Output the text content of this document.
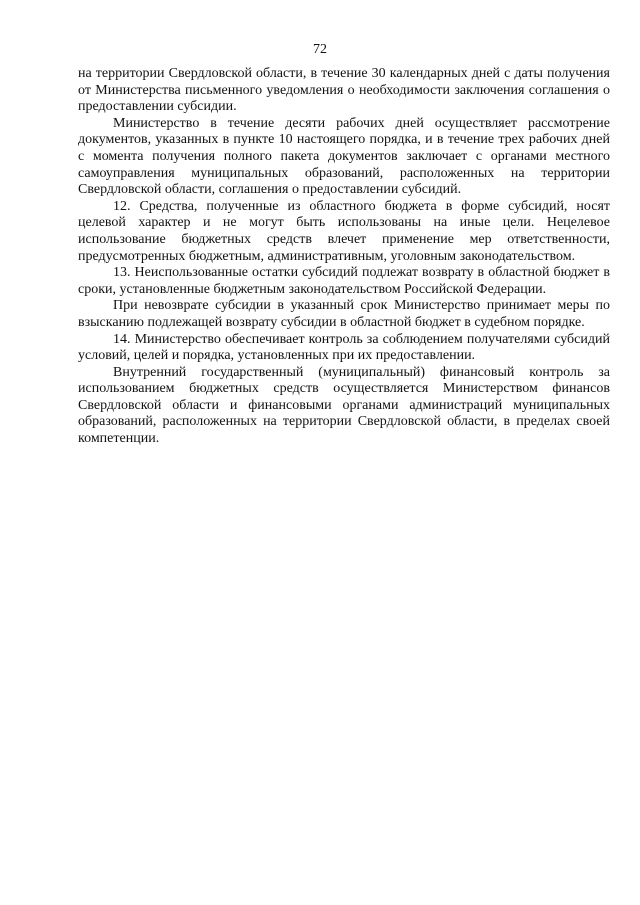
72

на территории Свердловской области, в течение 30 календарных дней с даты получения от Министерства письменного уведомления о необходимости заключения соглашения о предоставлении субсидии.

Министерство в течение десяти рабочих дней осуществляет рассмотрение документов, указанных в пункте 10 настоящего порядка, и в течение трех рабочих дней с момента получения полного пакета документов заключает с органами местного самоуправления муниципальных образований, расположенных на территории Свердловской области, соглашения о предоставлении субсидий.

12. Средства, полученные из областного бюджета в форме субсидий, носят целевой характер и не могут быть использованы на иные цели. Нецелевое использование бюджетных средств влечет применение мер ответственности, предусмотренных бюджетным, административным, уголовным законодательством.

13. Неиспользованные остатки субсидий подлежат возврату в областной бюджет в сроки, установленные бюджетным законодательством Российской Федерации.

При невозврате субсидии в указанный срок Министерство принимает меры по взысканию подлежащей возврату субсидии в областной бюджет в судебном порядке.

14. Министерство обеспечивает контроль за соблюдением получателями субсидий условий, целей и порядка, установленных при их предоставлении.

Внутренний государственный (муниципальный) финансовый контроль за использованием бюджетных средств осуществляется Министерством финансов Свердловской области и финансовыми органами администраций муниципальных образований, расположенных на территории Свердловской области, в пределах своей компетенции.
